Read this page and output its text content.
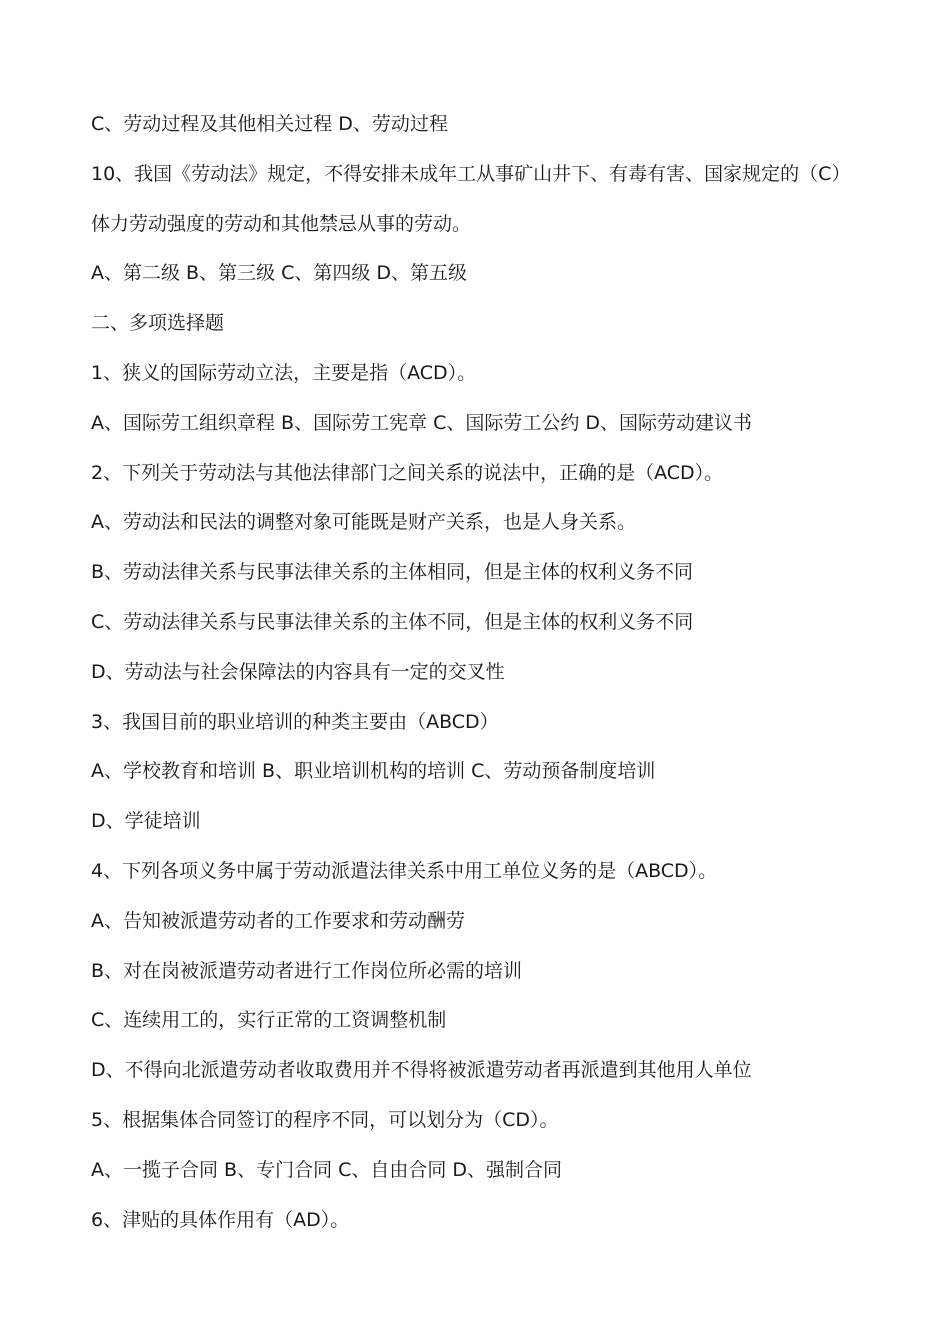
C、劳动过程及其他相关过程 D、劳动过程
10、我国《劳动法》规定，不得安排未成年工从事矿山井下、有毒有害、国家规定的（C）
体力劳动强度的劳动和其他禁忌从事的劳动。
A、第二级 B、第三级 C、第四级 D、第五级
二、多项选择题
1、狭义的国际劳动立法，主要是指（ACD）。
A、国际劳工组织章程 B、国际劳工宪章 C、国际劳工公约 D、国际劳动建议书
2、下列关于劳动法与其他法律部门之间关系的说法中，正确的是（ACD）。
A、劳动法和民法的调整对象可能既是财产关系，也是人身关系。
B、劳动法律关系与民事法律关系的主体相同，但是主体的权利义务不同
C、劳动法律关系与民事法律关系的主体不同，但是主体的权利义务不同
D、劳动法与社会保障法的内容具有一定的交叉性
3、我国目前的职业培训的种类主要由（ABCD）
A、学校教育和培训 B、职业培训机构的培训 C、劳动预备制度培训
D、学徒培训
4、下列各项义务中属于劳动派遣法律关系中用工单位义务的是（ABCD）。
A、告知被派遣劳动者的工作要求和劳动酬劳
B、对在岗被派遣劳动者进行工作岗位所必需的培训
C、连续用工的，实行正常的工资调整机制
D、不得向北派遣劳动者收取费用并不得将被派遣劳动者再派遣到其他用人单位
5、根据集体合同签订的程序不同，可以划分为（CD）。
A、一揽子合同 B、专门合同 C、自由合同 D、强制合同
6、津贴的具体作用有（AD）。
